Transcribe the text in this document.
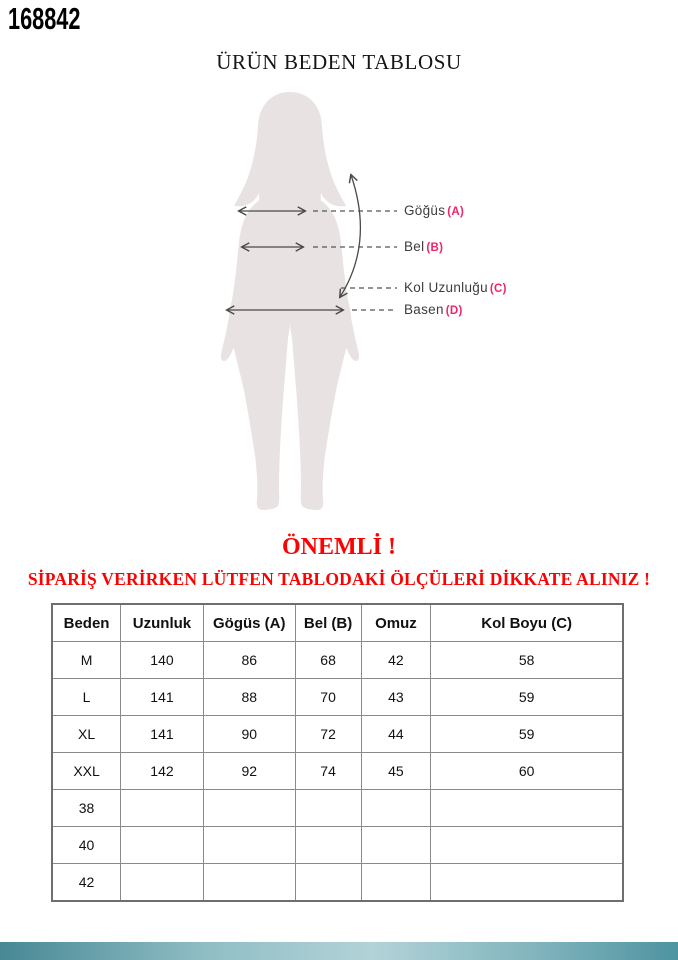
168842
ÜRÜN BEDEN TABLOSU
Göğüs (A)
Bel (B)
Kol Uzunluğu (C)
Basen (D)
ÖNEMLİ !
SİPARİŞ VERİRKEN LÜTFEN TABLODAKİ ÖLÇÜLERİ DİKKATE ALINIZ !
Beden	Uzunluk	Gögüs (A)	Bel (B)	Omuz	Kol Boyu (C)
M	140	86	68	42	58
L	141	88	70	43	59
XL	141	90	72	44	59
XXL	142	92	74	45	60
38					
40					
42					
